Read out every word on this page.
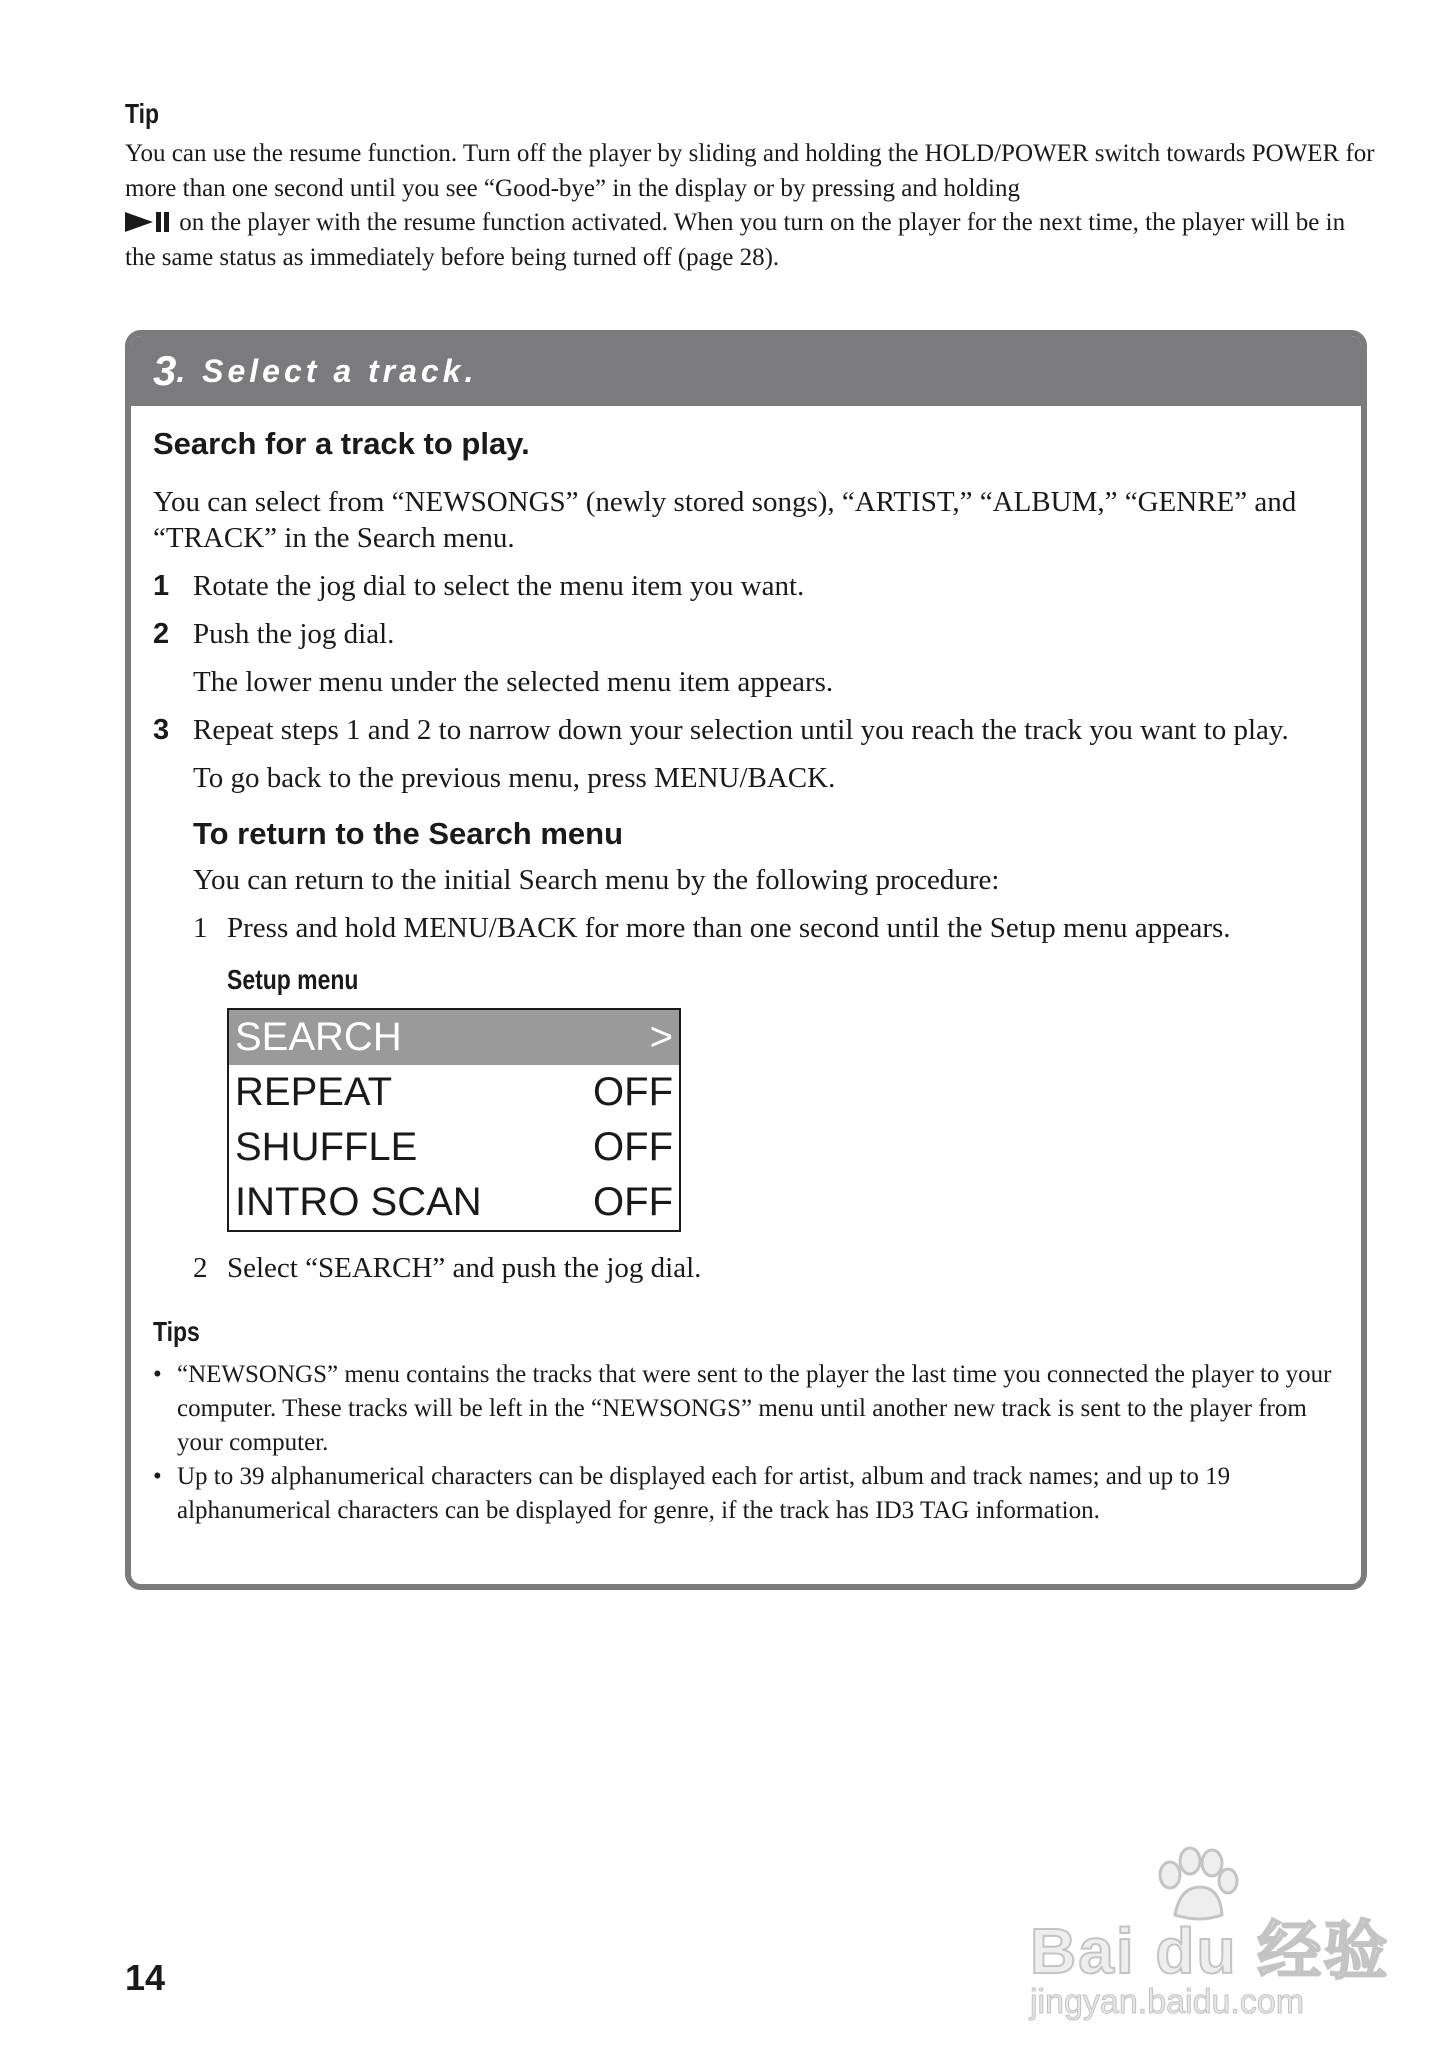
Tip

You can use the resume function. Turn off the player by sliding and holding the HOLD/POWER switch towards POWER for more than one second until you see “Good-bye” in the display or by pressing and holding

on the player with the resume function activated. When you turn on the player for the next time, the player will be in the same status as immediately before being turned off (page 28).

3 . Select a track.
Search for a track to play.

You can select from “NEWSONGS” (newly stored songs), “ARTIST,” “ALBUM,” “GENRE” and “TRACK” in the Search menu.

1 Rotate the jog dial to select the menu item you want.
2 Push the jog dial.

The lower menu under the selected menu item appears.

3 Repeat steps 1 and 2 to narrow down your selection until you reach the track you want to play.

To go back to the previous menu, press MENU/BACK.

To return to the Search menu

You can return to the initial Search menu by the following procedure:

1 Press and hold MENU/BACK for more than one second until the Setup menu appears.
Setup menu
SEARCH	>
REPEAT	OFF
SHUFFLE	OFF
INTRO SCAN	OFF
2 Select “SEARCH” and push the jog dial.
Tips
• “NEWSONGS” menu contains the tracks that were sent to the player the last time you connected the player to your computer. These tracks will be left in the “NEWSONGS” menu until another new track is sent to the player from your computer.
• Up to 39 alphanumerical characters can be displayed each for artist, album and track names; and up to 19 alphanumerical characters can be displayed for genre, if the track has ID3 TAG information.
14	Bai du 经验
jingyan.baidu.com
